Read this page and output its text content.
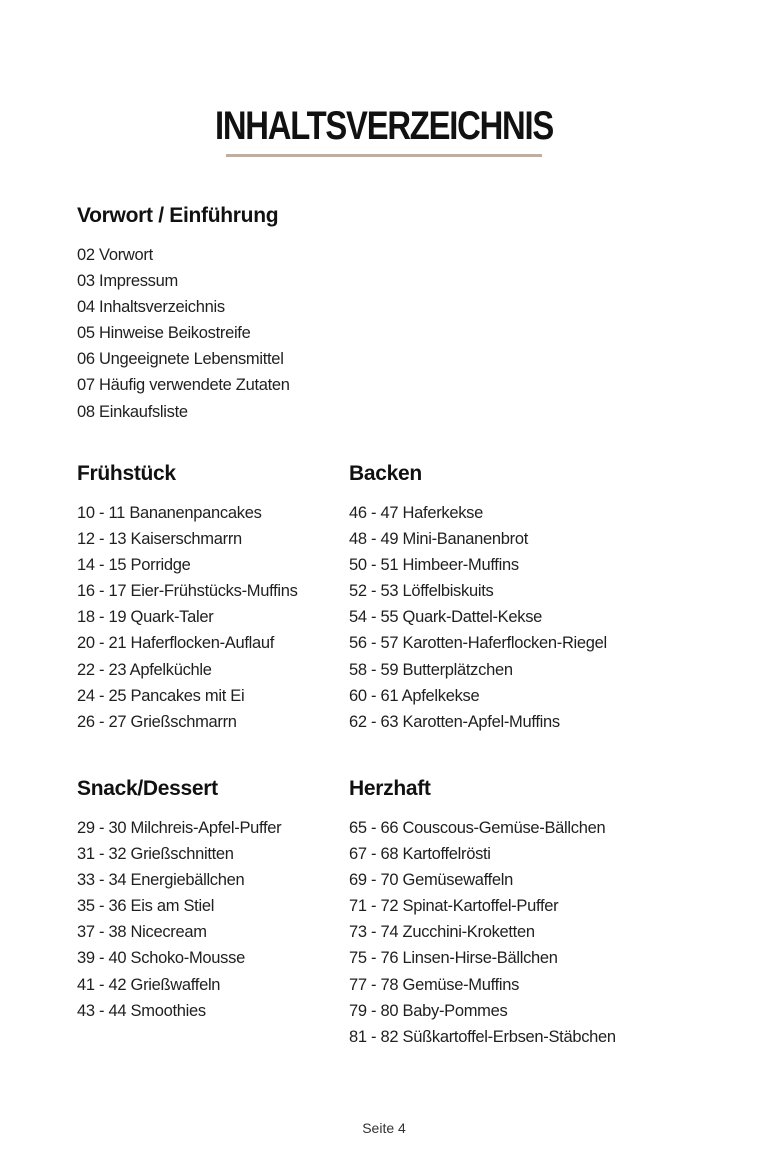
INHALTSVERZEICHNIS
Vorwort / Einführung
02 Vorwort
03 Impressum
04 Inhaltsverzeichnis
05 Hinweise Beikostreife
06 Ungeeignete Lebensmittel
07 Häufig verwendete Zutaten
08 Einkaufsliste
Frühstück
10 - 11 Bananenpancakes
12 - 13 Kaiserschmarrn
14 - 15 Porridge
16 - 17 Eier-Frühstücks-Muffins
18 - 19 Quark-Taler
20 - 21 Haferflocken-Auflauf
22 - 23 Apfelküchle
24 - 25 Pancakes mit Ei
26 - 27 Grießschmarrn
Backen
46 - 47 Haferkekse
48 - 49 Mini-Bananenbrot
50 - 51 Himbeer-Muffins
52 - 53 Löffelbiskuits
54 - 55 Quark-Dattel-Kekse
56 - 57 Karotten-Haferflocken-Riegel
58 - 59 Butterplätzchen
60 - 61 Apfelkekse
62 - 63 Karotten-Apfel-Muffins
Snack/Dessert
29 - 30 Milchreis-Apfel-Puffer
31 - 32 Grießschnitten
33 - 34 Energiebällchen
35 - 36 Eis am Stiel
37 - 38 Nicecream
39 - 40 Schoko-Mousse
41 - 42 Grießwaffeln
43 - 44 Smoothies
Herzhaft
65 - 66 Couscous-Gemüse-Bällchen
67 - 68 Kartoffelrösti
69 - 70 Gemüsewaffeln
71 - 72 Spinat-Kartoffel-Puffer
73 - 74 Zucchini-Kroketten
75 - 76 Linsen-Hirse-Bällchen
77 - 78 Gemüse-Muffins
79 - 80 Baby-Pommes
81 - 82 Süßkartoffel-Erbsen-Stäbchen
Seite 4
